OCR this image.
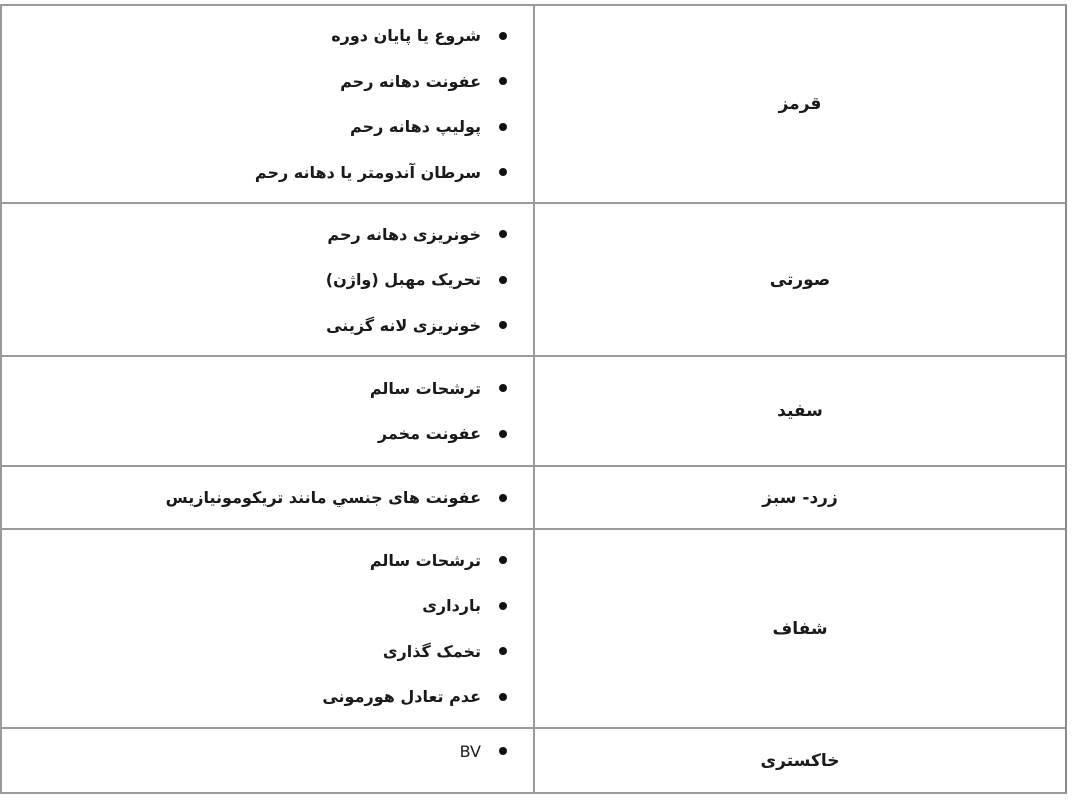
شروع یا پایان دوره
عفونت دهانه رحم
پولیپ دهانه رحم
سرطان آندومتر یا دهانه رحم
قرمز
خونریزی دهانه رحم
تحریک مهبل (واژن)
خونریزی لانه گزینی
صورتی
ترشحات سالم
عفونت مخمر
سفید
عفونت های جنسي مانند تریکومونیازیس	زرد- سبز
ترشحات سالم
بارداری
تخمک گذاری
عدم تعادل هورمونی
شفاف
BV	خاکستری
